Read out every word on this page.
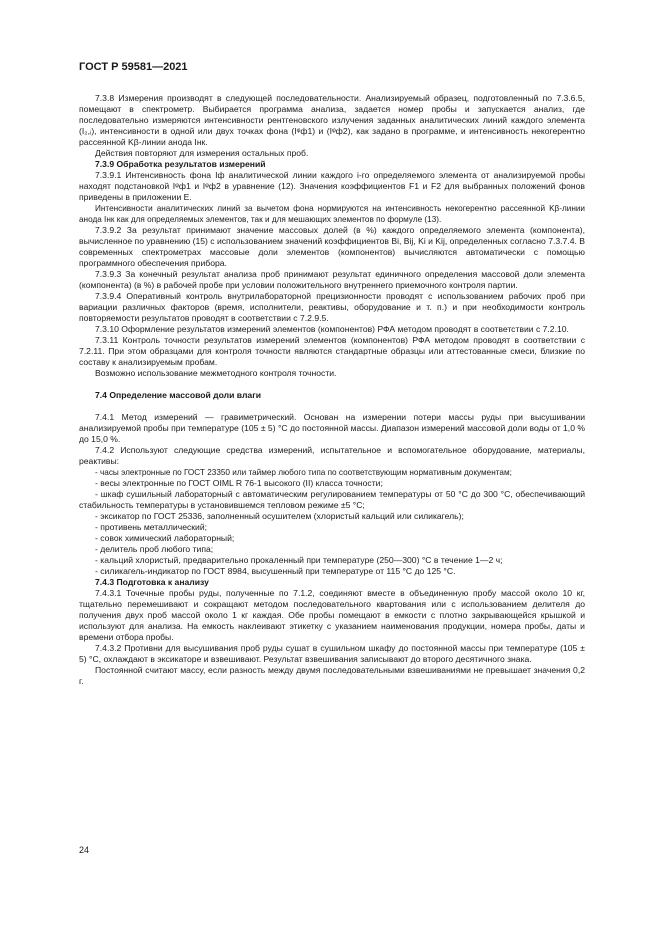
ГОСТ Р 59581—2021

7.3.8 Измерения производят в следующей последовательности. Анализируемый образец, подготовленный по 7.3.6.5, помещают в спектрометр. Выбирается программа анализа, задается номер пробы и запускается анализ, где последовательно измеряются интенсивности рентгеновского излучения заданных аналитических линий каждого элемента (I₂,ᵢ), интенсивности в одной или двух точках фона (Iᵠф1) и (Iᵠф2), как задано в программе, и интенсивность некогерентно рассеянной Kβ-линии анода Iнк.

Действия повторяют для измерения остальных проб.

7.3.9 Обработка результатов измерений

7.3.9.1 Интенсивность фона Iф аналитической линии каждого i-го определяемого элемента от анализируемой пробы находят подстановкой Iᵠф1 и Iᵠф2 в уравнение (12). Значения коэффициентов F1 и F2 для выбранных положений фонов приведены в приложении Е.

Интенсивности аналитических линий за вычетом фона нормируются на интенсивность некогерентно рассеянной Kβ-линии анода Iнк как для определяемых элементов, так и для мешающих элементов по формуле (13).

7.3.9.2 За результат принимают значение массовых долей (в %) каждого определяемого элемента (компонента), вычисленное по уравнению (15) с использованием значений коэффициентов Bi, Bij, Ki и Kij, определенных согласно 7.3.7.4. В современных спектрометрах массовые доли элементов (компонентов) вычисляются автоматически с помощью программного обеспечения прибора.

7.3.9.3 За конечный результат анализа проб принимают результат единичного определения массовой доли элемента (компонента) (в %) в рабочей пробе при условии положительного внутреннего приемочного контроля партии.

7.3.9.4 Оперативный контроль внутрилабораторной прецизионности проводят с использованием рабочих проб при вариации различных факторов (время, исполнители, реактивы, оборудование и т. п.) и при необходимости контроль повторяемости результатов проводят в соответствии с 7.2.9.5.

7.3.10 Оформление результатов измерений элементов (компонентов) РФА методом проводят в соответствии с 7.2.10.

7.3.11 Контроль точности результатов измерений элементов (компонентов) РФА методом проводят в соответствии с 7.2.11. При этом образцами для контроля точности являются стандартные образцы или аттестованные смеси, близкие по составу к анализируемым пробам.

Возможно использование межметодного контроля точности.

7.4 Определение массовой доли влаги

7.4.1 Метод измерений — гравиметрический. Основан на измерении потери массы руды при высушивании анализируемой пробы при температуре (105 ± 5) °С до постоянной массы. Диапазон измерений массовой доли воды от 1,0 % до 15,0 %.

7.4.2 Используют следующие средства измерений, испытательное и вспомогательное оборудование, материалы, реактивы:

- часы электронные по ГОСТ 23350 или таймер любого типа по соответствующим нормативным документам;

- весы электронные по ГОСТ OIML R 76-1 высокого (II) класса точности;

- шкаф сушильный лабораторный с автоматическим регулированием температуры от 50 °С до 300 °С, обеспечивающий стабильность температуры в установившемся тепловом режиме ±5 °С;

- эксикатор по ГОСТ 25336, заполненный осушителем (хлористый кальций или силикагель);

- противень металлический;

- совок химический лабораторный;

- делитель проб любого типа;

- кальций хлористый, предварительно прокаленный при температуре (250—300) °С в течение 1—2 ч;

- силикагель-индикатор по ГОСТ 8984, высушенный при температуре от 115 °С до 125 °С.

7.4.3 Подготовка к анализу

7.4.3.1 Точечные пробы руды, полученные по 7.1.2, соединяют вместе в объединенную пробу массой около 10 кг, тщательно перемешивают и сокращают методом последовательного квартования или с использованием делителя до получения двух проб массой около 1 кг каждая. Обе пробы помещают в емкости с плотно закрывающейся крышкой и используют для анализа. На емкость наклеивают этикетку с указанием наименования продукции, номера пробы, даты и времени отбора пробы.

7.4.3.2 Противни для высушивания проб руды сушат в сушильном шкафу до постоянной массы при температуре (105 ± 5) °С, охлаждают в эксикаторе и взвешивают. Результат взвешивания записывают до второго десятичного знака.

Постоянной считают массу, если разность между двумя последовательными взвешиваниями не превышает значения 0,2 г.

24
